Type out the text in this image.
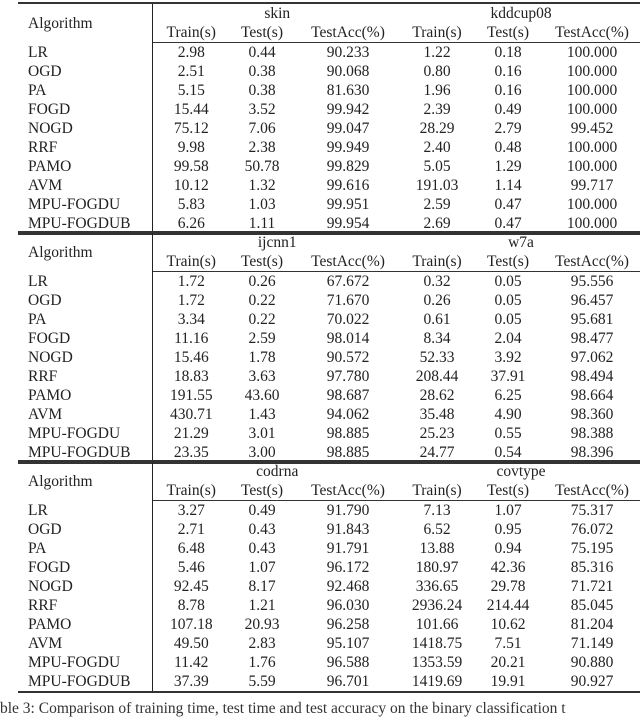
Algorithm	skin			kddcup08		
	Train(s)	Test(s)	TestAcc(%)	Train(s)	Test(s)	TestAcc(%)
LR	2.98	0.44	90.233	1.22	0.18	100.000
OGD	2.51	0.38	90.068	0.80	0.16	100.000
PA	5.15	0.38	81.630	1.96	0.16	100.000
FOGD	15.44	3.52	99.942	2.39	0.49	100.000
NOGD	75.12	7.06	99.047	28.29	2.79	99.452
RRF	9.98	2.38	99.949	2.40	0.48	100.000
PAMO	99.58	50.78	99.829	5.05	1.29	100.000
AVM	10.12	1.32	99.616	191.03	1.14	99.717
MPU-FOGDU	5.83	1.03	99.951	2.59	0.47	100.000
MPU-FOGDUB	6.26	1.11	99.954	2.69	0.47	100.000
Algorithm	ijcnn1			w7a		
	Train(s)	Test(s)	TestAcc(%)	Train(s)	Test(s)	TestAcc(%)
LR	1.72	0.26	67.672	0.32	0.05	95.556
OGD	1.72	0.22	71.670	0.26	0.05	96.457
PA	3.34	0.22	70.022	0.61	0.05	95.681
FOGD	11.16	2.59	98.014	8.34	2.04	98.477
NOGD	15.46	1.78	90.572	52.33	3.92	97.062
RRF	18.83	3.63	97.780	208.44	37.91	98.494
PAMO	191.55	43.60	98.687	28.62	6.25	98.664
AVM	430.71	1.43	94.062	35.48	4.90	98.360
MPU-FOGDU	21.29	3.01	98.885	25.23	0.55	98.388
MPU-FOGDUB	23.35	3.00	98.885	24.77	0.54	98.396
Algorithm	codrna			covtype		
	Train(s)	Test(s)	TestAcc(%)	Train(s)	Test(s)	TestAcc(%)
LR	3.27	0.49	91.790	7.13	1.07	75.317
OGD	2.71	0.43	91.843	6.52	0.95	76.072
PA	6.48	0.43	91.791	13.88	0.94	75.195
FOGD	5.46	1.07	96.172	180.97	42.36	85.316
NOGD	92.45	8.17	92.468	336.65	29.78	71.721
RRF	8.78	1.21	96.030	2936.24	214.44	85.045
PAMO	107.18	20.93	96.258	101.66	10.62	81.204
AVM	49.50	2.83	95.107	1418.75	7.51	71.149
MPU-FOGDU	11.42	1.76	96.588	1353.59	20.21	90.880
MPU-FOGDUB	37.39	5.59	96.701	1419.69	19.91	90.927
ble 3: Comparison of training time, test time and test accuracy on the binary classification t
